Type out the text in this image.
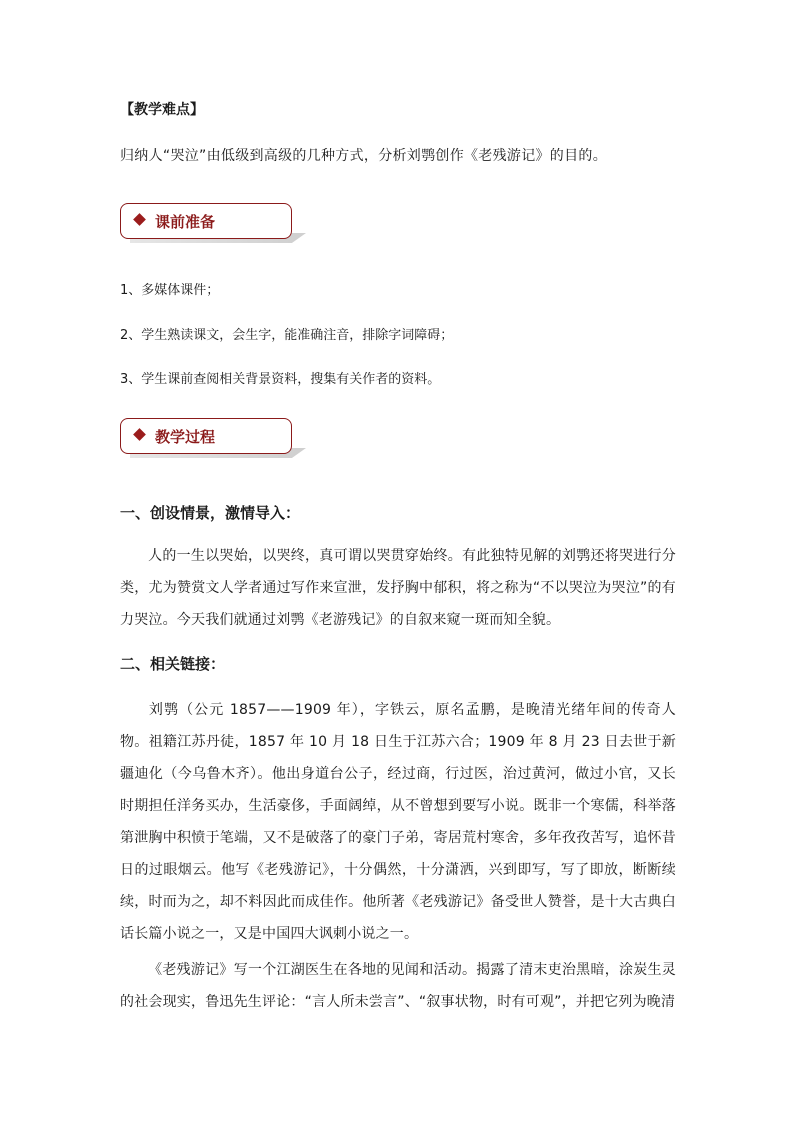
【教学难点】
归纳人“哭泣”由低级到高级的几种方式，分析刘鹗创作《老残游记》的目的。
课前准备
1、多媒体课件；
2、学生熟读课文，会生字，能准确注音，排除字词障碍；
3、学生课前查阅相关背景资料，搜集有关作者的资料。
教学过程
一、创设情景，激情导入：
人的一生以哭始，以哭终，真可谓以哭贯穿始终。有此独特见解的刘鹗还将哭进行分类，尤为赞赏文人学者通过写作来宣泄，发抒胸中郁积，将之称为“不以哭泣为哭泣”的有力哭泣。今天我们就通过刘鹗《老游残记》的自叙来窥一斑而知全貌。
二、相关链接：
刘鹗（公元 1857——1909 年），字铁云，原名孟鹏，是晚清光绪年间的传奇人物。祖籍江苏丹徒，1857 年 10 月 18 日生于江苏六合；1909 年 8 月 23 日去世于新疆迪化（今乌鲁木齐）。他出身道台公子，经过商，行过医，治过黄河，做过小官，又长时期担任洋务买办，生活豪侈，手面阔绰，从不曾想到要写小说。既非一个寒儒，科举落第泄胸中积愤于笔端，又不是破落了的豪门子弟，寄居荒村寒舍，多年孜孜苦写，追怀昔日的过眼烟云。他写《老残游记》，十分偶然，十分潇洒，兴到即写，写了即放，断断续续，时而为之，却不料因此而成佳作。他所著《老残游记》备受世人赞誉，是十大古典白话长篇小说之一，又是中国四大讽刺小说之一。
《老残游记》写一个江湖医生在各地的见闻和活动。揭露了清末吏治黑暗，涂炭生灵的社会现实，鲁迅先生评论：“言人所未尝言”、“叙事状物，时有可观”，并把它列为晚清
